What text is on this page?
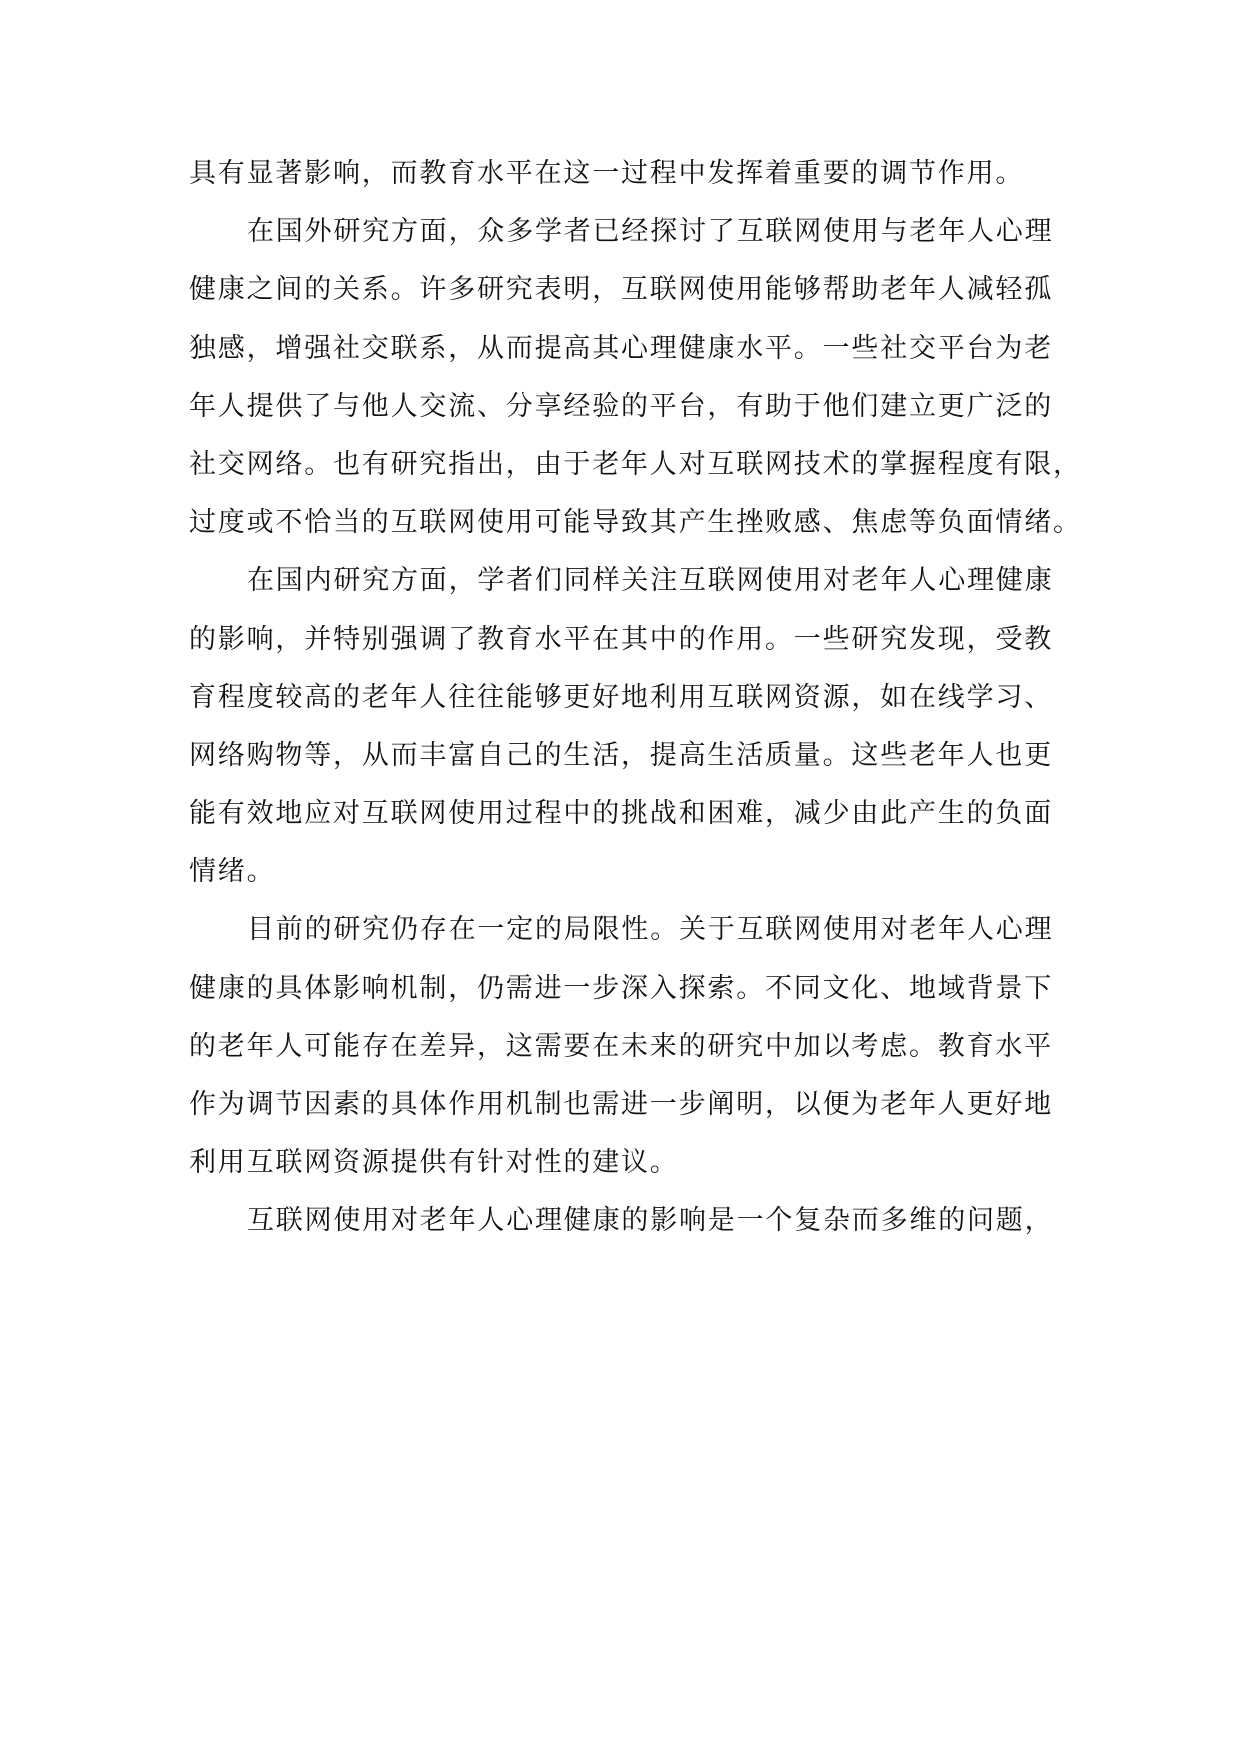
具有显著影响，而教育水平在这一过程中发挥着重要的调节作用。
在国外研究方面，众多学者已经探讨了互联网使用与老年人心理
健康之间的关系。许多研究表明，互联网使用能够帮助老年人减轻孤
独感，增强社交联系，从而提高其心理健康水平。一些社交平台为老
年人提供了与他人交流、分享经验的平台，有助于他们建立更广泛的
社交网络。也有研究指出，由于老年人对互联网技术的掌握程度有限，
过度或不恰当的互联网使用可能导致其产生挫败感、焦虑等负面情绪。
在国内研究方面，学者们同样关注互联网使用对老年人心理健康
的影响，并特别强调了教育水平在其中的作用。一些研究发现，受教
育程度较高的老年人往往能够更好地利用互联网资源，如在线学习、
网络购物等，从而丰富自己的生活，提高生活质量。这些老年人也更
能有效地应对互联网使用过程中的挑战和困难，减少由此产生的负面
情绪。
目前的研究仍存在一定的局限性。关于互联网使用对老年人心理
健康的具体影响机制，仍需进一步深入探索。不同文化、地域背景下
的老年人可能存在差异，这需要在未来的研究中加以考虑。教育水平
作为调节因素的具体作用机制也需进一步阐明，以便为老年人更好地
利用互联网资源提供有针对性的建议。
互联网使用对老年人心理健康的影响是一个复杂而多维的问题，
